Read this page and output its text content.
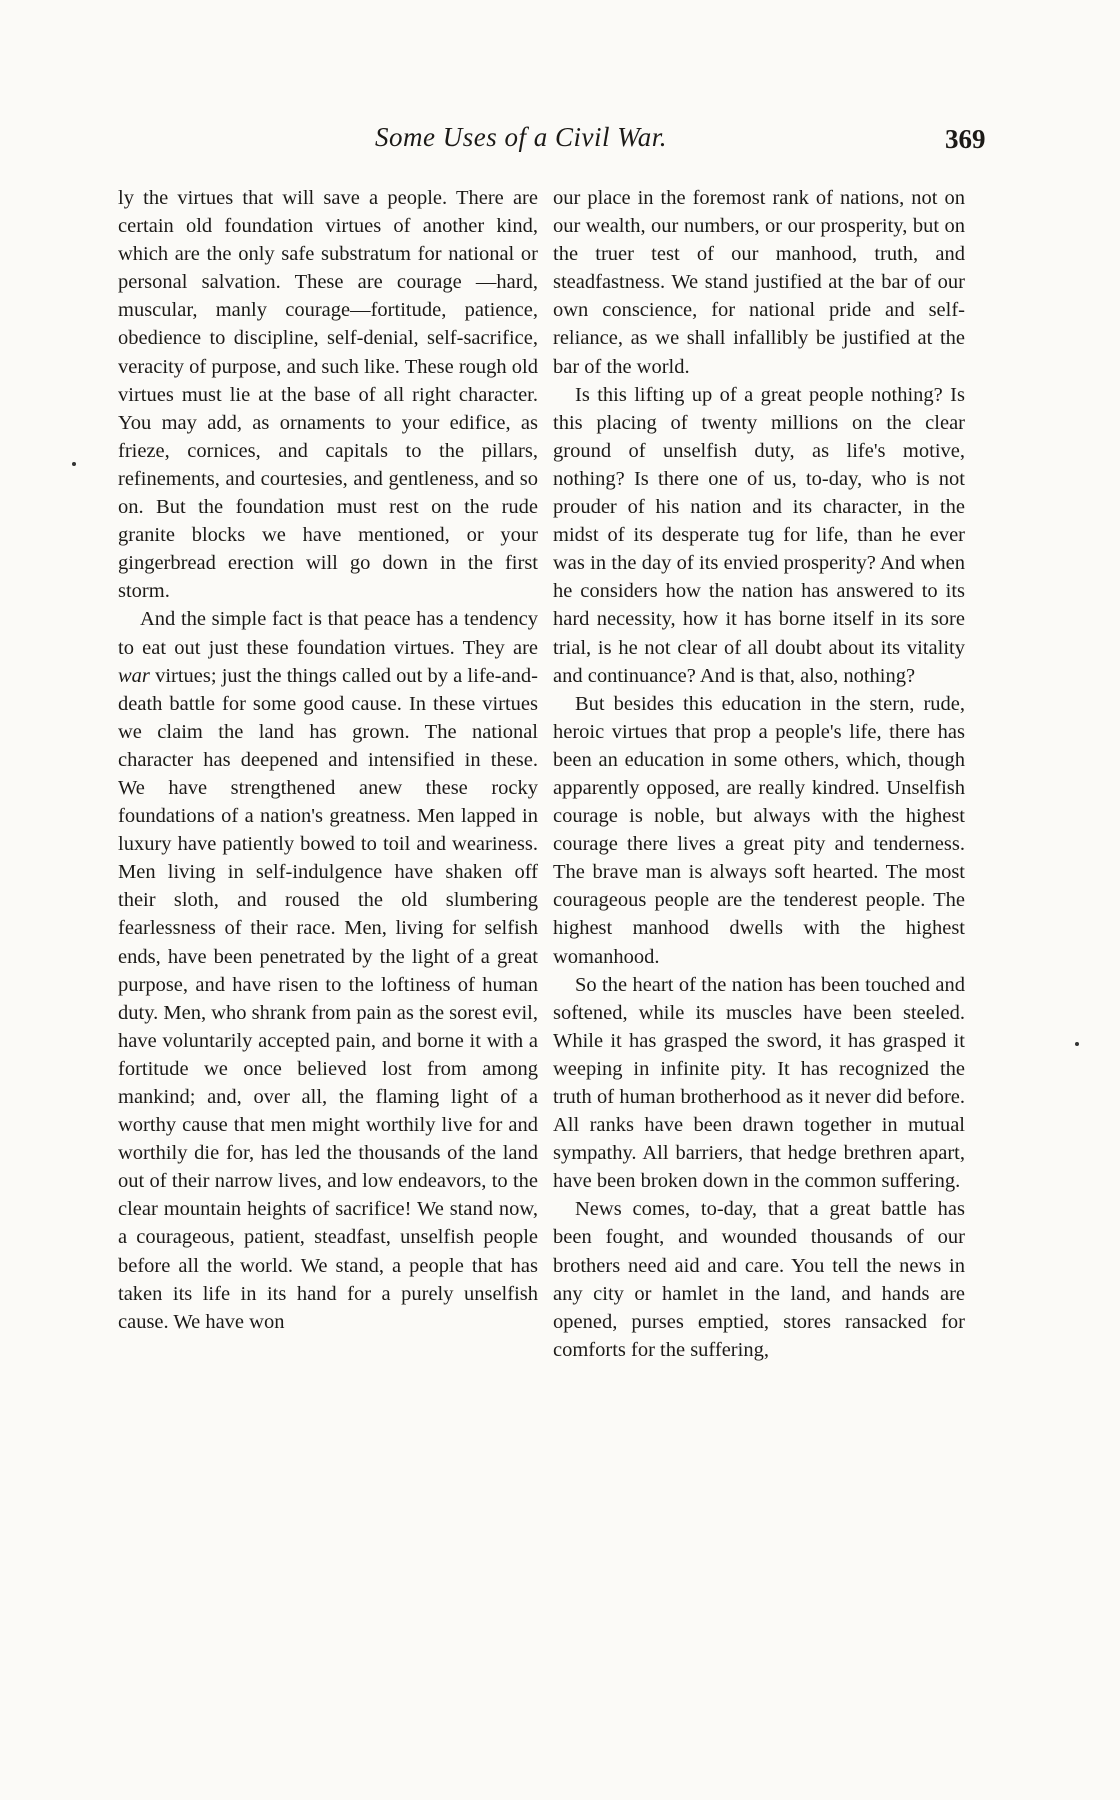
Some Uses of a Civil War.	369

ly the virtues that will save a people. There are certain old foundation virtues of another kind, which are the only safe substratum for national or personal salvation. These are courage —hard, muscular, manly courage—fortitude, patience, obedience to discipline, self-denial, self-sacrifice, veracity of purpose, and such like. These rough old virtues must lie at the base of all right character. You may add, as ornaments to your edifice, as frieze, cornices, and capitals to the pillars, refinements, and courtesies, and gentleness, and so on. But the foundation must rest on the rude granite blocks we have mentioned, or your gingerbread erection will go down in the first storm.

And the simple fact is that peace has a tendency to eat out just these foundation virtues. They are war virtues; just the things called out by a life-and-death battle for some good cause. In these virtues we claim the land has grown. The national character has deepened and intensified in these. We have strengthened anew these rocky foundations of a nation's greatness. Men lapped in luxury have patiently bowed to toil and weariness. Men living in self-indulgence have shaken off their sloth, and roused the old slumbering fearlessness of their race. Men, living for selfish ends, have been penetrated by the light of a great purpose, and have risen to the loftiness of human duty. Men, who shrank from pain as the sorest evil, have voluntarily accepted pain, and borne it with a fortitude we once believed lost from among mankind; and, over all, the flaming light of a worthy cause that men might worthily live for and worthily die for, has led the thousands of the land out of their narrow lives, and low endeavors, to the clear mountain heights of sacrifice! We stand now, a courageous, patient, steadfast, unselfish people before all the world. We stand, a people that has taken its life in its hand for a purely unselfish cause. We have won

our place in the foremost rank of nations, not on our wealth, our numbers, or our prosperity, but on the truer test of our manhood, truth, and steadfastness. We stand justified at the bar of our own conscience, for national pride and self-reliance, as we shall infallibly be justified at the bar of the world.

Is this lifting up of a great people nothing? Is this placing of twenty millions on the clear ground of unselfish duty, as life's motive, nothing? Is there one of us, to-day, who is not prouder of his nation and its character, in the midst of its desperate tug for life, than he ever was in the day of its envied prosperity? And when he considers how the nation has answered to its hard necessity, how it has borne itself in its sore trial, is he not clear of all doubt about its vitality and continuance? And is that, also, nothing?

But besides this education in the stern, rude, heroic virtues that prop a people's life, there has been an education in some others, which, though apparently opposed, are really kindred. Unselfish courage is noble, but always with the highest courage there lives a great pity and tenderness. The brave man is always soft hearted. The most courageous people are the tenderest people. The highest manhood dwells with the highest womanhood.

So the heart of the nation has been touched and softened, while its muscles have been steeled. While it has grasped the sword, it has grasped it weeping in infinite pity. It has recognized the truth of human brotherhood as it never did before. All ranks have been drawn together in mutual sympathy. All barriers, that hedge brethren apart, have been broken down in the common suffering.

News comes, to-day, that a great battle has been fought, and wounded thousands of our brothers need aid and care. You tell the news in any city or hamlet in the land, and hands are opened, purses emptied, stores ransacked for comforts for the suffering,
